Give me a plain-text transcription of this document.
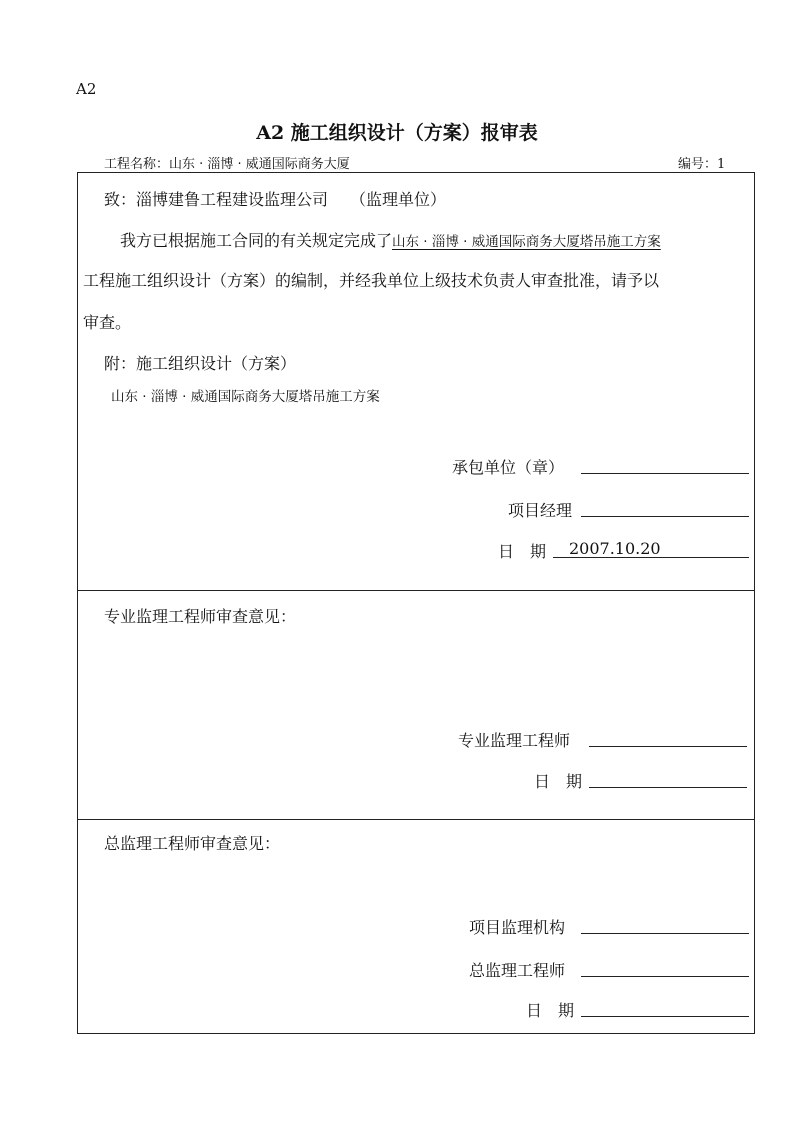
A2
A2 施工组织设计（方案）报审表
工程名称：山东 · 淄博 · 威通国际商务大厦	编号：1
致：淄博建鲁工程建设监理公司 （监理单位）
我方已根据施工合同的有关规定完成了山东 · 淄博 · 威通国际商务大厦塔吊施工方案
工程施工组织设计（方案）的编制，并经我单位上级技术负责人审查批准，请予以
审查。
附：施工组织设计（方案）
山东 · 淄博 · 威通国际商务大厦塔吊施工方案
承包单位（章）
项目经理
日　期 2007.10.20
专业监理工程师审查意见：
专业监理工程师
日　期
总监理工程师审查意见：
项目监理机构
总监理工程师
日　期
